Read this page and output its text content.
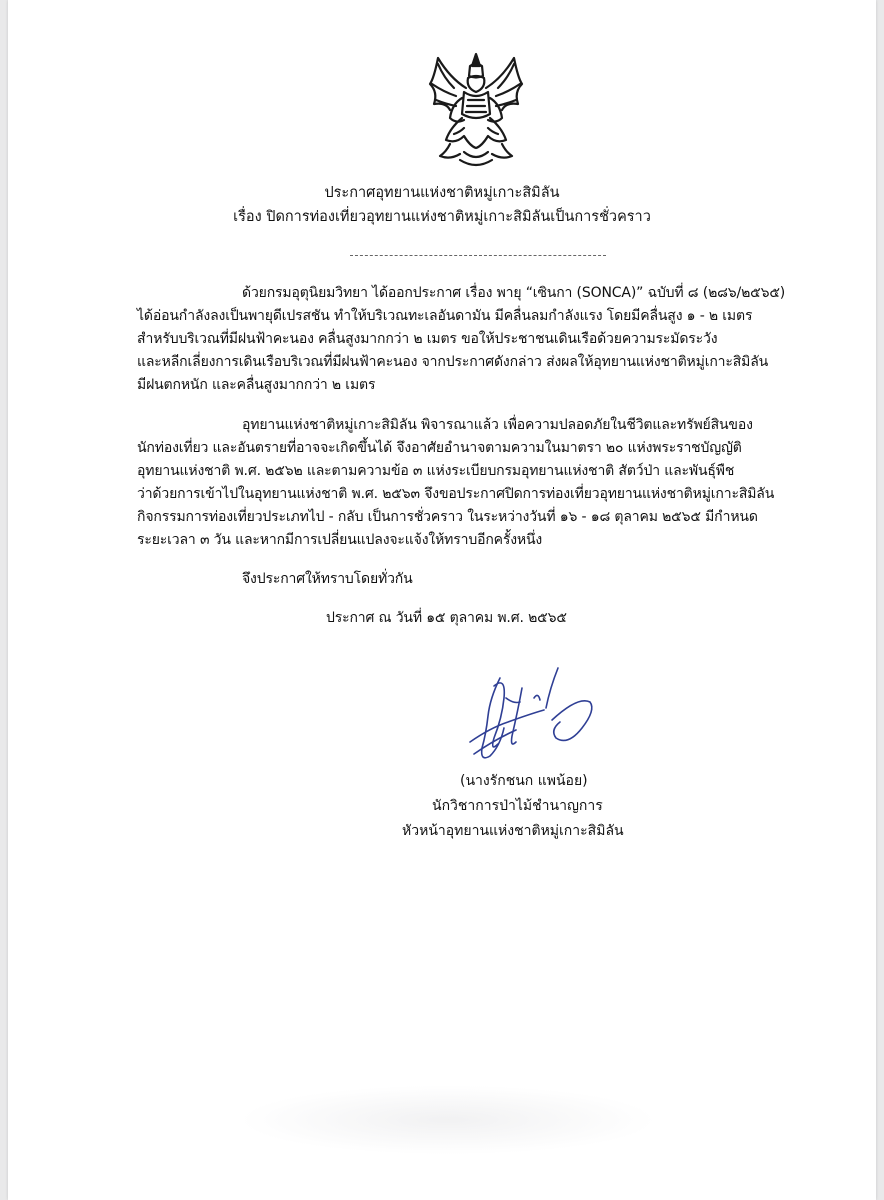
ประกาศอุทยานแห่งชาติหมู่เกาะสิมิลัน
เรื่อง ปิดการท่องเที่ยวอุทยานแห่งชาติหมู่เกาะสิมิลันเป็นการชั่วคราว
ด้วยกรมอุตุนิยมวิทยา ได้ออกประกาศ เรื่อง พายุ “เซินกา (SONCA)” ฉบับที่ ๘ (๒๘๖/๒๕๖๕)
ได้อ่อนกำลังลงเป็นพายุดีเปรสชัน ทำให้บริเวณทะเลอันดามัน มีคลื่นลมกำลังแรง โดยมีคลื่นสูง ๑ - ๒ เมตร
สำหรับบริเวณที่มีฝนฟ้าคะนอง คลื่นสูงมากกว่า ๒ เมตร ขอให้ประชาชนเดินเรือด้วยความระมัดระวัง
และหลีกเลี่ยงการเดินเรือบริเวณที่มีฝนฟ้าคะนอง จากประกาศดังกล่าว ส่งผลให้อุทยานแห่งชาติหมู่เกาะสิมิลัน
มีฝนตกหนัก และคลื่นสูงมากกว่า ๒ เมตร
อุทยานแห่งชาติหมู่เกาะสิมิลัน พิจารณาแล้ว เพื่อความปลอดภัยในชีวิตและทรัพย์สินของ
นักท่องเที่ยว และอันตรายที่อาจจะเกิดขึ้นได้ จึงอาศัยอำนาจตามความในมาตรา ๒๐ แห่งพระราชบัญญัติ
อุทยานแห่งชาติ พ.ศ. ๒๕๖๒ และตามความข้อ ๓ แห่งระเบียบกรมอุทยานแห่งชาติ สัตว์ป่า และพันธุ์พืช
ว่าด้วยการเข้าไปในอุทยานแห่งชาติ พ.ศ. ๒๕๖๓ จึงขอประกาศปิดการท่องเที่ยวอุทยานแห่งชาติหมู่เกาะสิมิลัน
กิจกรรมการท่องเที่ยวประเภทไป - กลับ เป็นการชั่วคราว ในระหว่างวันที่ ๑๖ - ๑๘ ตุลาคม ๒๕๖๕ มีกำหนด
ระยะเวลา ๓ วัน และหากมีการเปลี่ยนแปลงจะแจ้งให้ทราบอีกครั้งหนึ่ง
จึงประกาศให้ทราบโดยทั่วกัน
ประกาศ ณ วันที่ ๑๕ ตุลาคม พ.ศ. ๒๕๖๕
(นางรักชนก แพน้อย)
นักวิชาการป่าไม้ชำนาญการ
หัวหน้าอุทยานแห่งชาติหมู่เกาะสิมิลัน
